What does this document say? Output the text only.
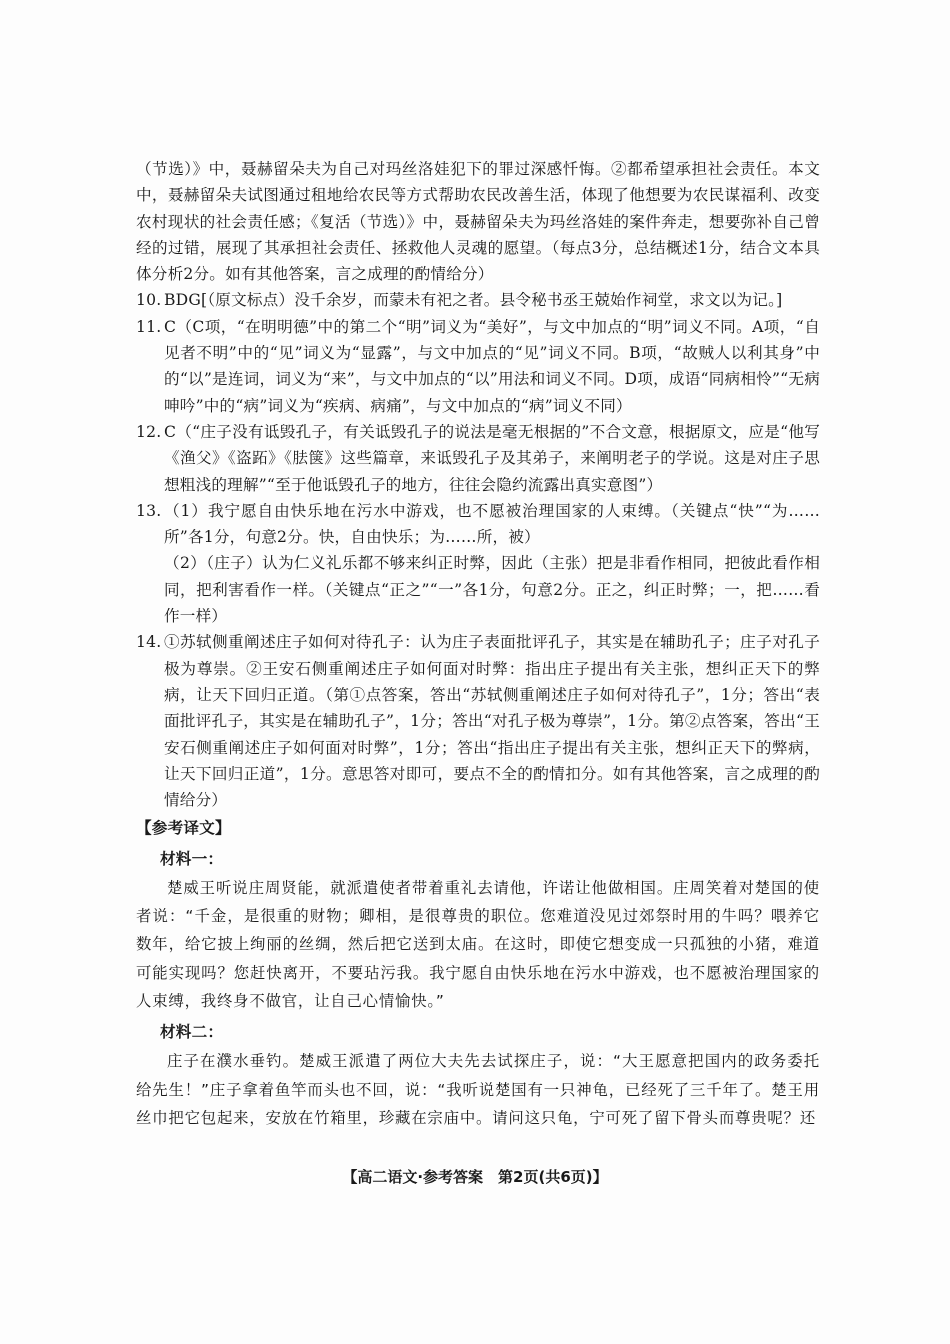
（节选）》中，聂赫留朵夫为自己对玛丝洛娃犯下的罪过深感忏悔。②都希望承担社会责任。本文中，聂赫留朵夫试图通过租地给农民等方式帮助农民改善生活，体现了他想要为农民谋福利、改变农村现状的社会责任感；《复活（节选）》中，聂赫留朵夫为玛丝洛娃的案件奔走，想要弥补自己曾经的过错，展现了其承担社会责任、拯救他人灵魂的愿望。（每点3分，总结概述1分，结合文本具体分析2分。如有其他答案，言之成理的酌情给分）

10. BDG[（原文标点）没千余岁，而蒙未有祀之者。县令秘书丞王兢始作祠堂，求文以为记。]
11. C（C项，“在明明德”中的第二个“明”词义为“美好”，与文中加点的“明”词义不同。A项，“自见者不明”中的“见”词义为“显露”，与文中加点的“见”词义不同。B项，“故贼人以利其身”中的“以”是连词，词义为“来”，与文中加点的“以”用法和词义不同。D项，成语“同病相怜”“无病呻吟”中的“病”词义为“疾病、病痛”，与文中加点的“病”词义不同）
12. C（“庄子没有诋毁孔子，有关诋毁孔子的说法是毫无根据的”不合文意，根据原文，应是“他写《渔父》《盗跖》《胠箧》这些篇章，来诋毁孔子及其弟子，来阐明老子的学说。这是对庄子思想粗浅的理解”“至于他诋毁孔子的地方，往往会隐约流露出真实意图”）
13. （1）我宁愿自由快乐地在污水中游戏，也不愿被治理国家的人束缚。（关键点“快”“为……所”各1分，句意2分。快，自由快乐；为……所，被）

（2）（庄子）认为仁义礼乐都不够来纠正时弊，因此（主张）把是非看作相同，把彼此看作相同，把利害看作一样。（关键点“正之”“一”各1分，句意2分。正之，纠正时弊；一，把……看作一样）

14. ①苏轼侧重阐述庄子如何对待孔子：认为庄子表面批评孔子，其实是在辅助孔子；庄子对孔子极为尊崇。②王安石侧重阐述庄子如何面对时弊：指出庄子提出有关主张，想纠正天下的弊病，让天下回归正道。（第①点答案，答出“苏轼侧重阐述庄子如何对待孔子”，1分；答出“表面批评孔子，其实是在辅助孔子”，1分；答出“对孔子极为尊崇”，1分。第②点答案，答出“王安石侧重阐述庄子如何面对时弊”，1分；答出“指出庄子提出有关主张，想纠正天下的弊病，让天下回归正道”，1分。意思答对即可，要点不全的酌情扣分。如有其他答案，言之成理的酌情给分）
【参考译文】
材料一：

楚威王听说庄周贤能，就派遣使者带着重礼去请他，许诺让他做相国。庄周笑着对楚国的使者说：“千金，是很重的财物；卿相，是很尊贵的职位。您难道没见过郊祭时用的牛吗？喂养它数年，给它披上绚丽的丝绸，然后把它送到太庙。在这时，即使它想变成一只孤独的小猪，难道可能实现吗？您赶快离开，不要玷污我。我宁愿自由快乐地在污水中游戏，也不愿被治理国家的人束缚，我终身不做官，让自己心情愉快。”

材料二：

庄子在濮水垂钓。楚威王派遣了两位大夫先去试探庄子，说：“大王愿意把国内的政务委托给先生！”庄子拿着鱼竿而头也不回，说：“我听说楚国有一只神龟，已经死了三千年了。楚王用丝巾把它包起来，安放在竹箱里，珍藏在宗庙中。请问这只龟，宁可死了留下骨头而尊贵呢？还

【高二语文·参考答案　第2页(共6页)】
